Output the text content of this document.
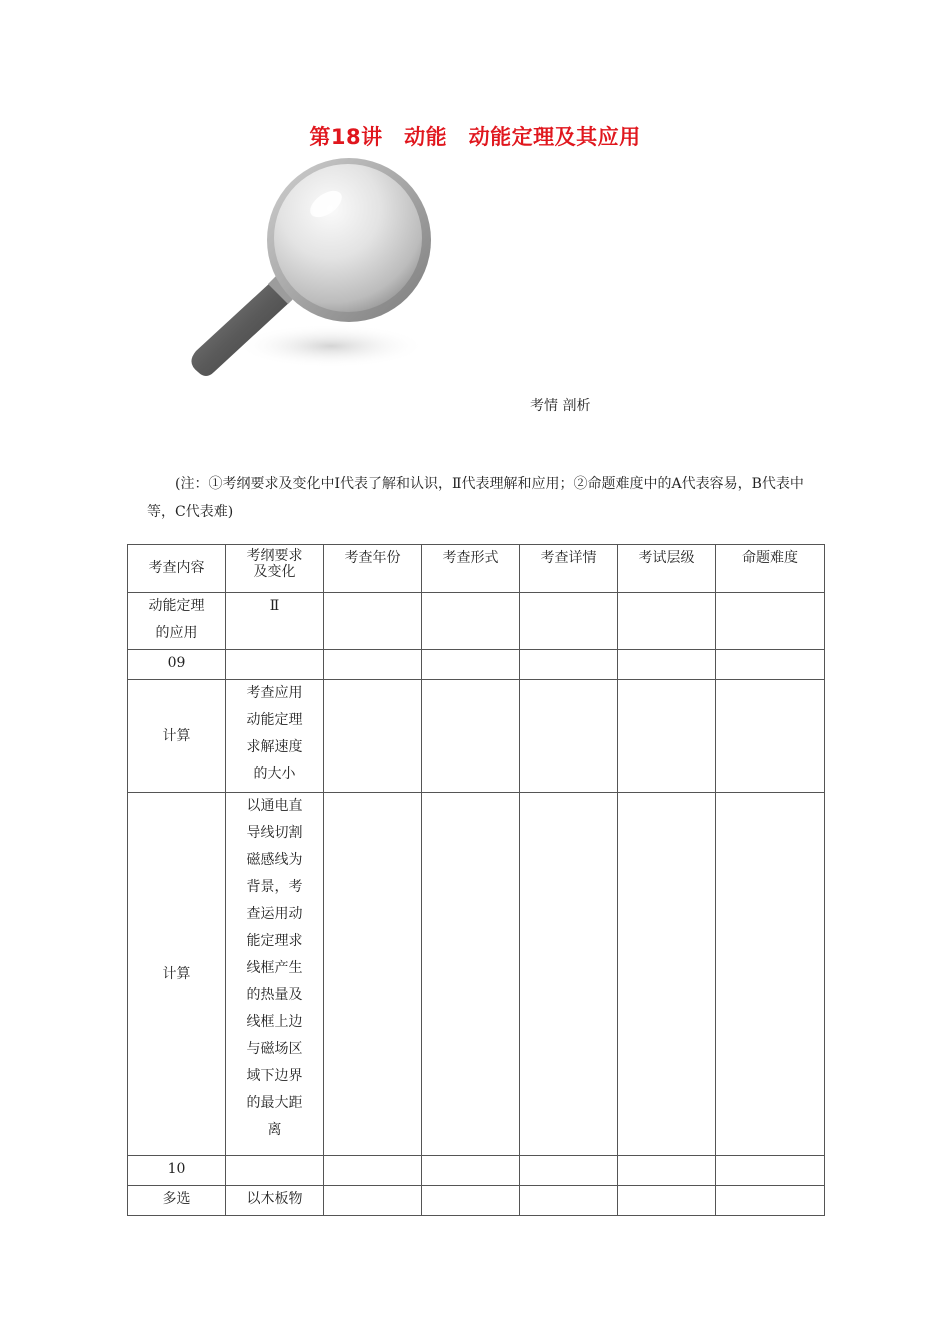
第18讲　动能　动能定理及其应用
考情 剖析
(注：①考纲要求及变化中Ⅰ代表了解和认识，Ⅱ代表理解和应用；②命题难度中的A代表容易，B代表中等，C代表难)
考查内容	考纲要求及变化	考查年份	考查形式	考查详情	考试层级	命题难度
动能定理的应用	Ⅱ					
09						
计算	考查应用动能定理求解速度的大小					
计算	以通电直导线切割磁感线为背景，考查运用动能定理求线框产生的热量及线框上边与磁场区域下边界的最大距离					
10						
多选	以木板物					
